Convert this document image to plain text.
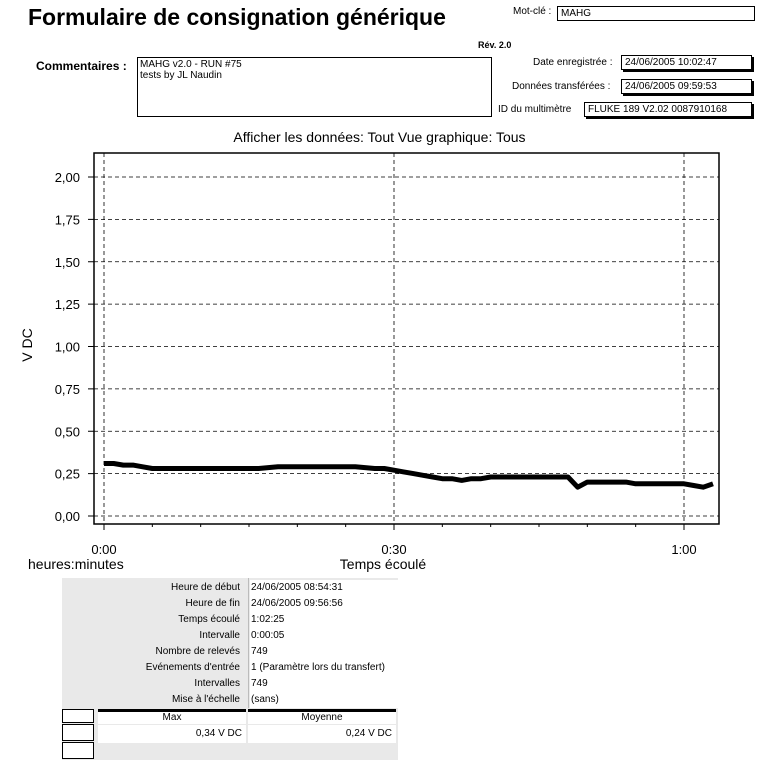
Formulaire de consignation générique	Mot-clé : MAHG
Rév. 2.0
Commentaires : MAHG v2.0 - RUN #75
tests by JL Naudin
Date enregistrée :	24/06/2005 10:02:47
Données transférées :	24/06/2005 09:59:53
ID du multimètre	FLUKE 189 V2.02 0087910168
Afficher les données: Tout Vue graphique: Tous
0,00
0,25
0,50
0,75
1,00
1,25
1,50
1,75
2,00
0:00	0:30	1:00
V DC
Temps écoulé
heures:minutes
Heure de début 24/06/2005 08:54:31
Heure de fin 24/06/2005 09:56:56
Temps écoulé 1:02:25
Intervalle 0:00:05
Nombre de relevés 749
Evénements d'entrée 1 (Paramètre lors du transfert)
Intervalles 749
Mise à l'échelle (sans)
Max	Moyenne
0,34 V DC	0,24 V DC
